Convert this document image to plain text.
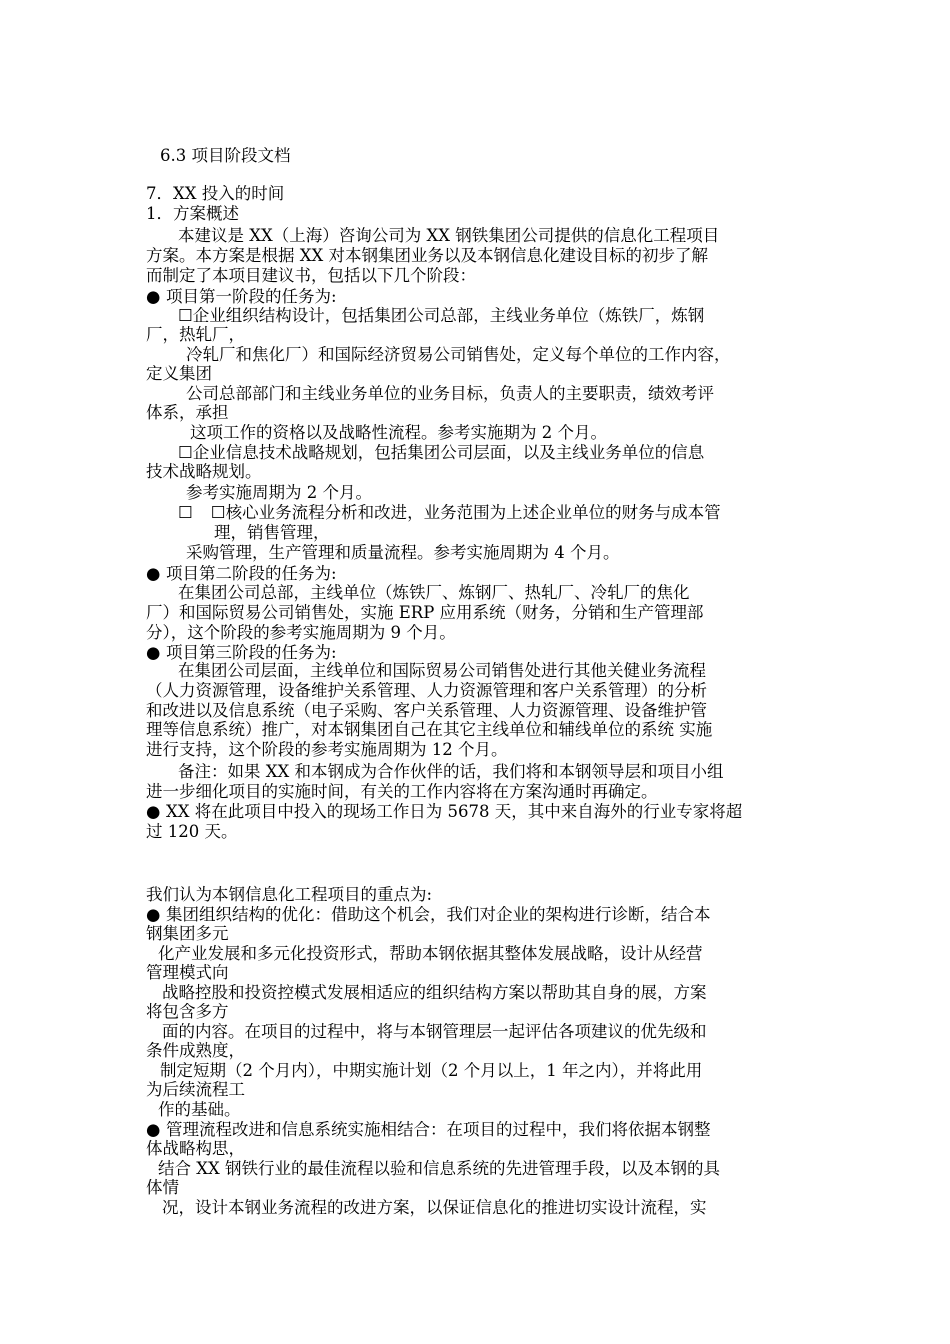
6.3 项目阶段文档
7．XX 投入的时间
1．方案概述
本建议是 XX（上海）咨询公司为 XX 钢铁集团公司提供的信息化工程项目
方案。本方案是根据 XX 对本钢集团业务以及本钢信息化建设目标的初步了解
而制定了本项目建议书，包括以下几个阶段：
● 项目第一阶段的任务为:
☐企业组织结构设计，包括集团公司总部，主线业务单位（炼铁厂，炼钢
厂，热轧厂，
冷轧厂和焦化厂）和国际经济贸易公司销售处，定义每个单位的工作内容，
定义集团
公司总部部门和主线业务单位的业务目标，负责人的主要职责，绩效考评
体系，承担
这项工作的资格以及战略性流程。参考实施期为 2 个月。
☐企业信息技术战略规划，包括集团公司层面，以及主线业务单位的信息
技术战略规划。
参考实施周期为 2 个月。
☐ ☐核心业务流程分析和改进，业务范围为上述企业单位的财务与成本管
理，销售管理，
采购管理，生产管理和质量流程。参考实施周期为 4 个月。
● 项目第二阶段的任务为:
在集团公司总部，主线单位（炼铁厂、炼钢厂、热轧厂、冷轧厂的焦化
厂）和国际贸易公司销售处，实施 ERP 应用系统（财务，分销和生产管理部
分），这个阶段的参考实施周期为 9 个月。
● 项目第三阶段的任务为:
在集团公司层面，主线单位和国际贸易公司销售处进行其他关健业务流程
（人力资源管理，设备维护关系管理、人力资源管理和客户关系管理）的分析
和改进以及信息系统（电子采购、客户关系管理、人力资源管理、设备维护管
理等信息系统）推广，对本钢集团自己在其它主线单位和辅线单位的系统 实施
进行支持，这个阶段的参考实施周期为 12 个月。
备注：如果 XX 和本钢成为合作伙伴的话，我们将和本钢领导层和项目小组
进一步细化项目的实施时间，有关的工作内容将在方案沟通时再确定。
● XX 将在此项目中投入的现场工作日为 5678 天，其中来自海外的行业专家将超
过 120 天。
我们认为本钢信息化工程项目的重点为:
● 集团组织结构的优化：借助这个机会，我们对企业的架构进行诊断，结合本
钢集团多元
化产业发展和多元化投资形式，帮助本钢依据其整体发展战略，设计从经营
管理模式向
战略控股和投资控模式发展相适应的组织结构方案以帮助其自身的展，方案
将包含多方
面的内容。在项目的过程中，将与本钢管理层一起评估各项建议的优先级和
条件成熟度，
制定短期（2 个月内），中期实施计划（2 个月以上，1 年之内），并将此用
为后续流程工
作的基础。
● 管理流程改进和信息系统实施相结合：在项目的过程中，我们将依据本钢整
体战略构思，
结合 XX 钢铁行业的最佳流程以验和信息系统的先进管理手段，以及本钢的具
体情
况，设计本钢业务流程的改进方案，以保证信息化的推进切实设计流程，实
